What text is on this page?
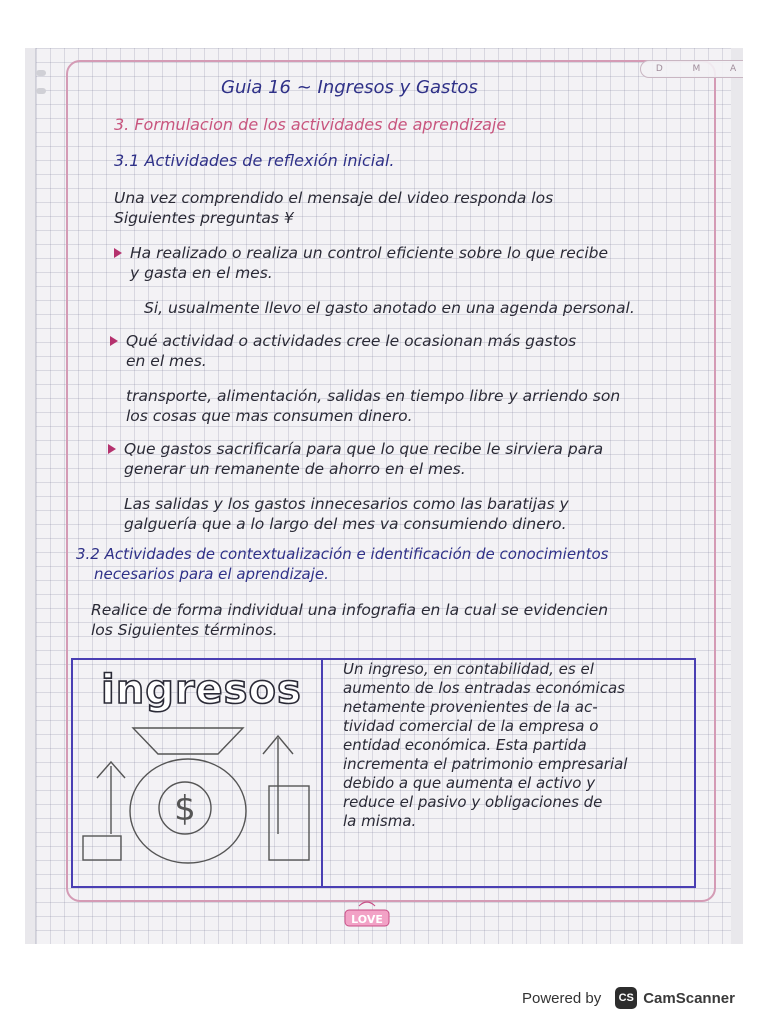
D	M	A
Guia 16 ~ Ingresos y Gastos
3. Formulacion de los actividades de aprendizaje
3.1 Actividades de reflexión inicial.
Una vez comprendido el mensaje del video responda los
Siguientes preguntas ¥
Ha realizado o realiza un control eficiente sobre lo que recibe
y gasta en el mes.
Si, usualmente llevo el gasto anotado en una agenda personal.
Qué actividad o actividades cree le ocasionan más gastos
en el mes.
transporte, alimentación, salidas en tiempo libre y arriendo son
los cosas que mas consumen dinero.
Que gastos sacrificaría para que lo que recibe le sirviera para
generar un remanente de ahorro en el mes.
Las salidas y los gastos innecesarios como las baratijas y
galguería que a lo largo del mes va consumiendo dinero.
3.2 Actividades de contextualización e identificación de conocimientos
necesarios para el aprendizaje.
Realice de forma individual una infografia en la cual se evidencien
los Siguientes términos.
ingresos
$
Un ingreso, en contabilidad, es el
aumento de los entradas económicas
netamente provenientes de la ac-
tividad comercial de la empresa o
entidad económica. Esta partida
incrementa el patrimonio empresarial
debido a que aumenta el activo y
reduce el pasivo y obligaciones de
la misma.
LOVE
Powered by	CS CamScanner
